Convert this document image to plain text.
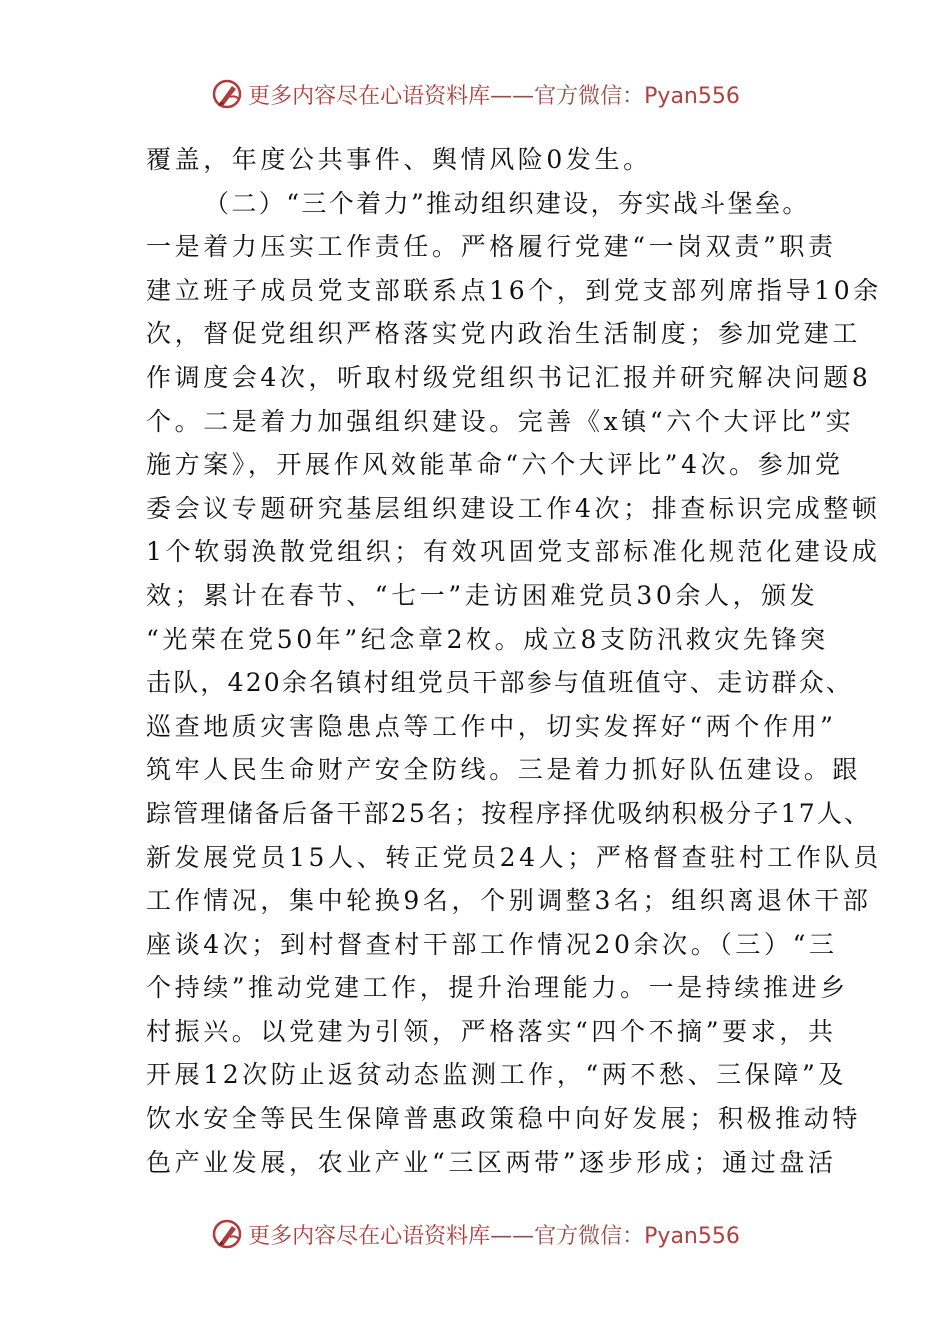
更多内容尽在心语资料库——官方微信：Pyan556
覆盖，年度公共事件、舆情风险0发生。
（二）“三个着力”推动组织建设，夯实战斗堡垒。
一是着力压实工作责任。严格履行党建“一岗双责”职责
建立班子成员党支部联系点16个，到党支部列席指导10余
次，督促党组织严格落实党内政治生活制度；参加党建工
作调度会4次，听取村级党组织书记汇报并研究解决问题8
个。二是着力加强组织建设。完善《x镇“六个大评比”实
施方案》，开展作风效能革命“六个大评比”4次。参加党
委会议专题研究基层组织建设工作4次；排查标识完成整顿
1个软弱涣散党组织；有效巩固党支部标准化规范化建设成
效；累计在春节、“七一”走访困难党员30余人，颁发
“光荣在党50年”纪念章2枚。成立8支防汛救灾先锋突
击队，420余名镇村组党员干部参与值班值守、走访群众、
巡查地质灾害隐患点等工作中，切实发挥好“两个作用”
筑牢人民生命财产安全防线。三是着力抓好队伍建设。跟
踪管理储备后备干部25名；按程序择优吸纳积极分子17人、
新发展党员15人、转正党员24人；严格督查驻村工作队员
工作情况，集中轮换9名，个别调整3名；组织离退休干部
座谈4次；到村督查村干部工作情况20余次。（三）“三
个持续”推动党建工作，提升治理能力。一是持续推进乡
村振兴。以党建为引领，严格落实“四个不摘”要求，共
开展12次防止返贫动态监测工作，“两不愁、三保障”及
饮水安全等民生保障普惠政策稳中向好发展；积极推动特
色产业发展，农业产业“三区两带”逐步形成；通过盘活
更多内容尽在心语资料库——官方微信：Pyan556
